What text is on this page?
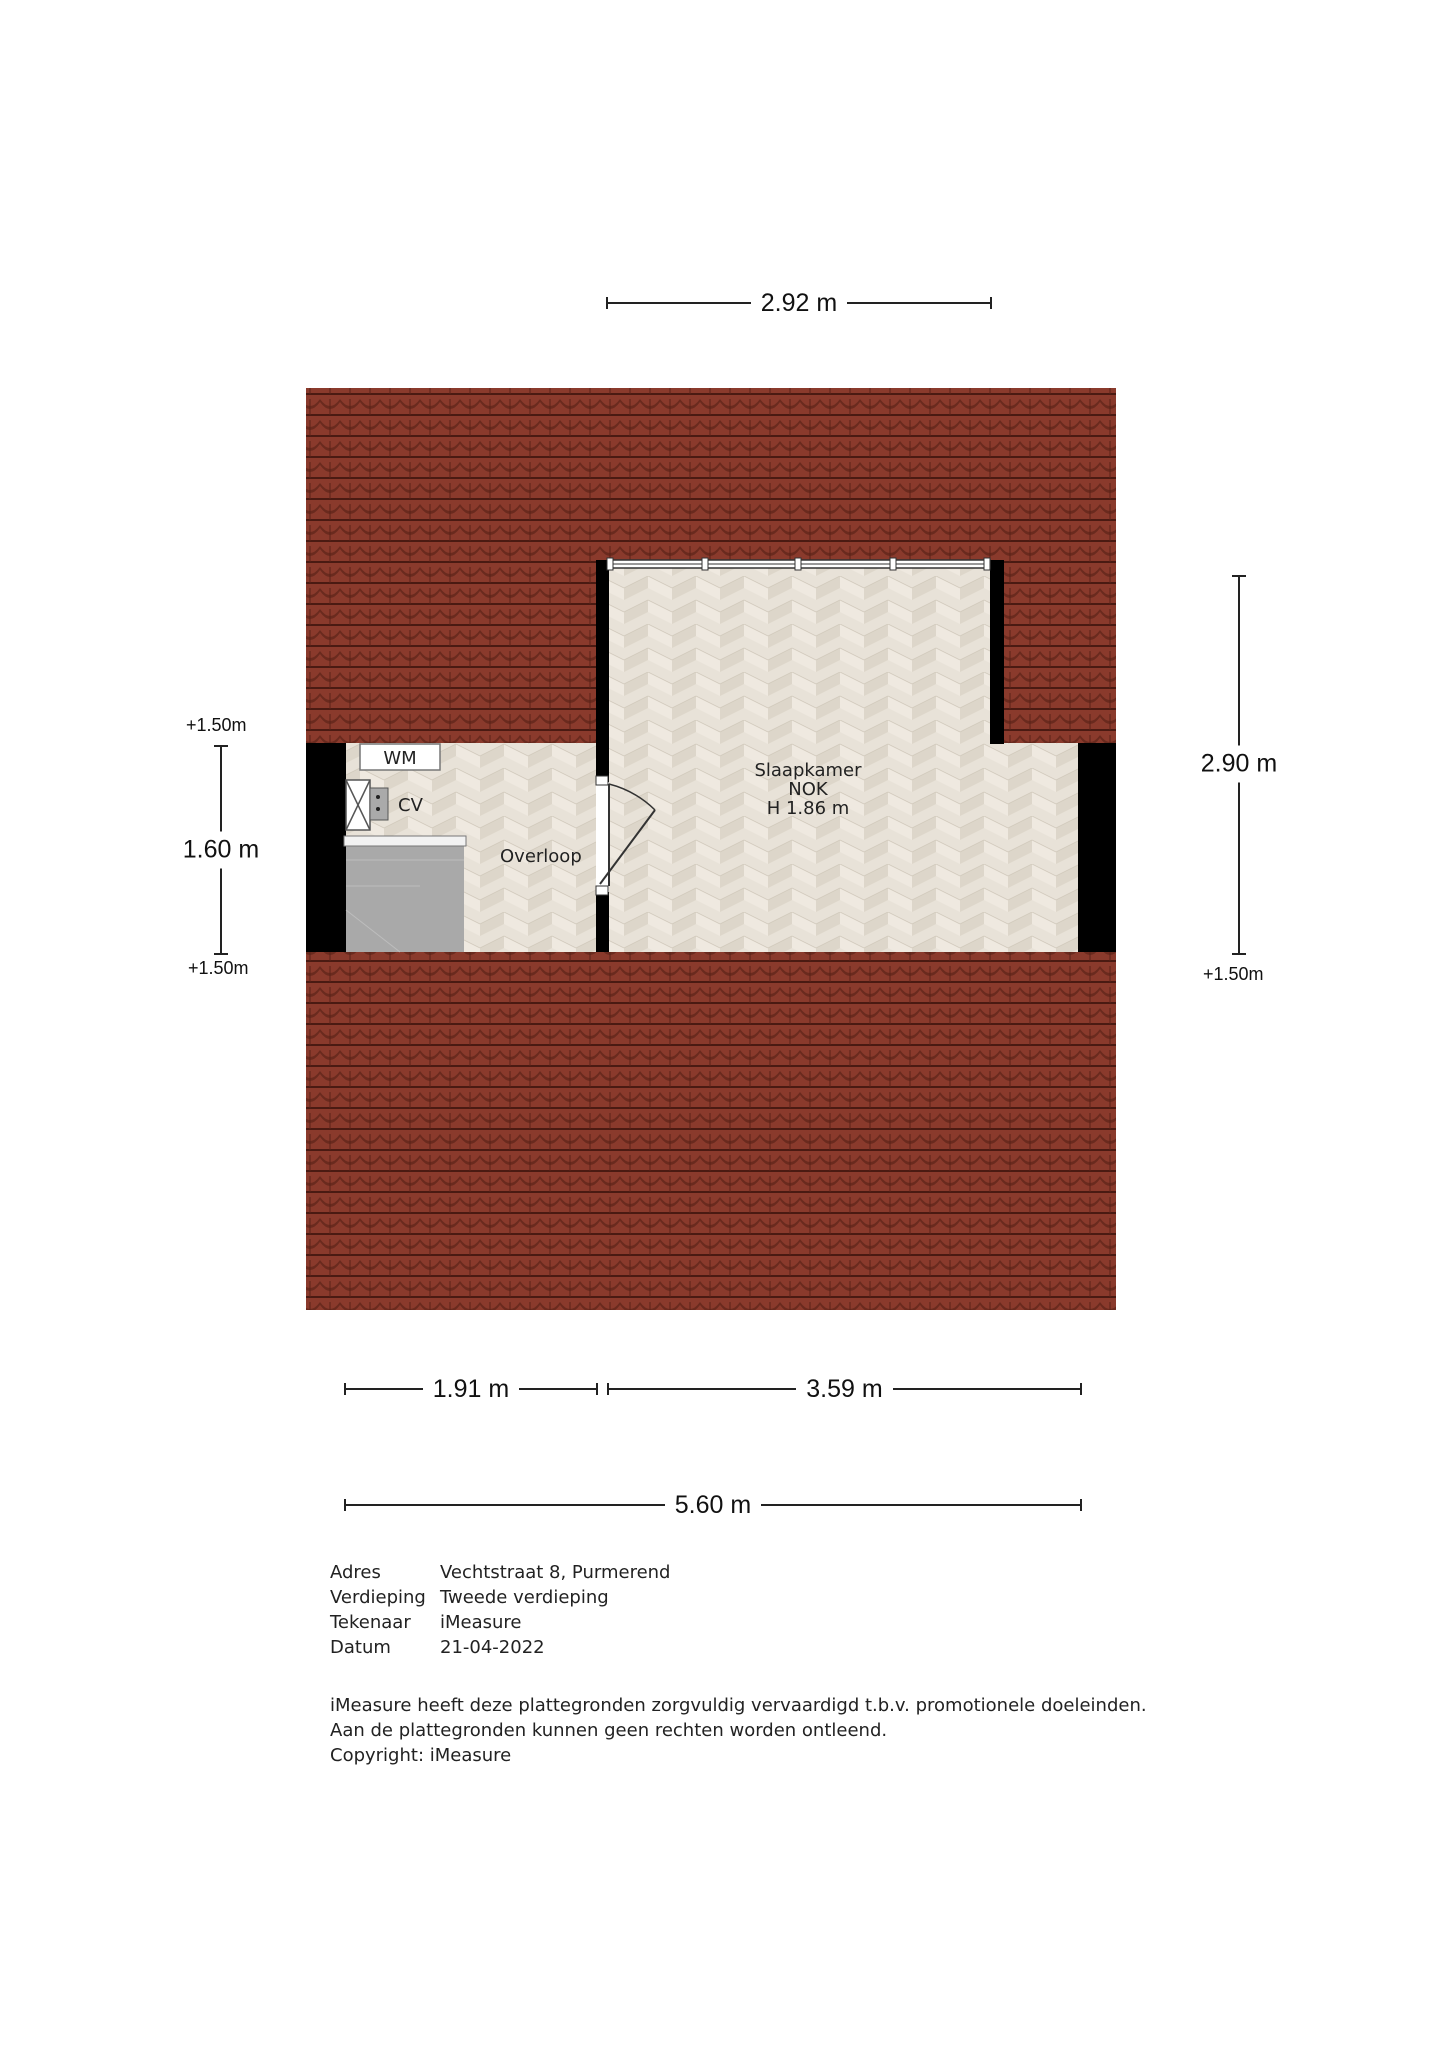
Slaapkamer
NOK
H 1.86 m
Overloop
WM
CV
2.92 m
2.90 m
+1.50m
1.60 m
+1.50m
+1.50m
1.91 m	3.59 m
5.60 m
Adres	Vechtstraat 8, Purmerend
Verdieping Tweede verdieping
Tekenaar	iMeasure
Datum	21-04-2022
iMeasure heeft deze plattegronden zorgvuldig vervaardigd t.b.v. promotionele doeleinden.
Aan de plattegronden kunnen geen rechten worden ontleend.
Copyright: iMeasure
